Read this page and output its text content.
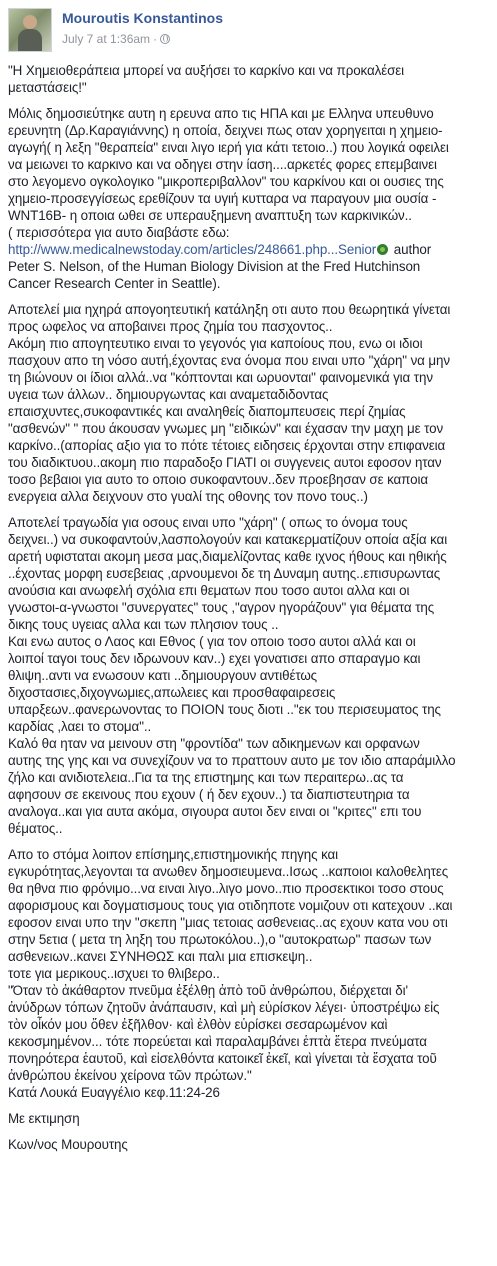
Mouroutis Konstantinos
July 7 at 1:36am ·

"Η Χημειοθεράπεια μπορεί να αυξήσει το καρκίνο και να προκαλέσει
μεταστάσεις!"

Μόλις δημοσιεύτηκε αυτη η ερευνα απο τις ΗΠΑ και με Ελληνα υπευθυνο
ερευνητη (Δρ.Καραγιάννης) η οποία, δειχνει πως οταν χορηγειται η χημειο-
αγωγή( η λεξη "θεραπεία" ειναι λιγο ιερή για κάτι τετοιο..) που λογικά οφειλει
να μειωνει το καρκινο και να οδηγει στην ίαση....αρκετές φορες επεμβαινει
στο λεγομενο ογκολογικο "μικροπεριβαλλον" του καρκίνου και οι ουσιες της
χημειο-προσεγγίσεως ερεθίζουν τα υγιή κυτταρα να παραγουν μια ουσία -
WNT16B- η οποια ωθει σε υπεραυξημενη αναπτυξη των καρκινικών..
( περισσότερα για αυτο διαβάστε εδω:
http://www.medicalnewstoday.com/articles/248661.php...Senior author
Peter S. Nelson, of the Human Biology Division at the Fred Hutchinson
Cancer Research Center in Seattle).

Αποτελεί μια ηχηρά απογοητευτική κατάληξη οτι αυτο που θεωρητικά γίνεται
προς ωφελος να αποβαινει προς ζημία του πασχοντος..
Ακόμη πιο απογητευτικο ειναι το γεγονός για καποίους που, ενω οι ιδιοι
πασχουν απο τη νόσο αυτή,έχοντας ενα όνομα που ειναι υπο "χάρη" να μην
τη βιώνουν οι ίδιοι αλλά..να "κόπτονται και ωρυονται" φαινομενικά για την
υγεια των άλλων.. δημιουργωντας και αναμεταδιδοντας
επαισχυντες,συκοφαντικές και αναληθείς διαπομπευσεις περί ζημίας
"ασθενών" " που άκουσαν γνωμες μη "ειδικών" και έχασαν την μαχη με τον
καρκίνο..(απορίας αξιο για το πότε τέτοιες ειδησεις έρχονται στην επιφανεια
του διαδικτυου..ακομη πιο παραδοξο ΓΙΑΤΙ οι συγγενεις αυτοι εφοσον ηταν
τοσο βεβαιοι για αυτο το οποιο συκοφαντουν..δεν προεβησαν σε καποια
ενεργεια αλλα δειχνουν στο γυαλί της οθονης τον πονο τους..)

Αποτελεί τραγωδία για οσους ειναι υπο "χάρη" ( οπως το όνομα τους
δειχνει..) να συκοφαντούν,λασπολογούν και κατακερματίζουν οποία αξία και
αρετή υφισταται ακομη μεσα μας,διαμελίζοντας καθε ιχνος ήθους και ηθικής
..έχοντας μορφη ευσεβειας ,αρνουμενοι δε τη Δυναμη αυτης..επισυρωντας
ανούσια και ανωφελή σχόλια επι θεματων που τοσο αυτοι αλλα και οι
γνωστοι-α-γνωστοι "συνεργατες" τους ,"αγρον ηγοράζουν" για θέματα της
δικης τους υγειας αλλα και των πλησιον τους ..
Και ενω αυτος ο Λαος και Εθνος ( για τον οποιο τοσο αυτοι αλλά και οι
λοιποί ταγοι τους δεν ιδρωνουν καν..) εχει γονατισει απο σπαραγμο και
θλιψη..αντι να ενωσουν κατι ..δημιουργουν αντιθέτως
διχοστασιες,διχογνωμιες,απωλειες και προσθαφαιρεσεις
υπαρξεων..φανερωνοντας το ΠΟΙΟΝ τους διοτι .."εκ του περισευματος της
καρδίας ,λαει το στομα"..
Καλό θα ηταν να μεινουν στη "φροντίδα" των αδικημενων και ορφανων
αυτης της γης και να συνεχίζουν να το πραττουν αυτο με τον ιδιο απαράμιλλο
ζήλο και ανιδιοτελεια..Για τα της επιστημης και των περαιτερω..ας τα
αφησουν σε εκεινους που εχουν ( ή δεν εχουν..) τα διαπιστευτηρια τα
αναλογα..και για αυτα ακόμα, σιγουρα αυτοι δεν ειναι οι "κριτες" επι του
θέματος..

Απο το στόμα λοιπον επίσημης,επιστημονικής πηγης και
εγκυρότητας,λεγονται τα ανωθεν δημοσιευμενα..Ισως ..καποιοι καλοθελητες
θα ηθνα πιο φρόνιμο...να ειναι λιγο..λιγο μονο..πιο προσεκτικοι τοσο στους
αφορισμους και δογματισμους τους για οτιδηποτε νομιζουν οτι κατεχουν ..και
εφοσον ειναι υπο την "σκεπη "μιας τετοιας ασθενειας..ας εχουν κατα νου οτι
στην 5ετια ( μετα τη ληξη του πρωτοκόλου..),ο "αυτοκρατωρ" πασων των
ασθενειων..κανει ΣΥΝΗΘΩΣ και παλι μια επισκεψη..
τοτε για μερικους..ισχυει το θλιβερο..
"Όταν τὸ ἀκάθαρτον πνεῦμα ἐξέλθῃ ἀπὸ τοῦ ἀνθρώπου, διέρχεται δι'
ἀνύδρων τόπων ζητοῦν ἀνάπαυσιν, καὶ μὴ εὑρίσκον λέγει· ὑποστρέψω εἰς
τὸν οἶκόν μου ὅθεν ἐξῆλθον· καὶ ἐλθὸν εὑρίσκει σεσαρωμένον καὶ
κεκοσμημένον... τότε πορεύεται καὶ παραλαμβάνει ἑπτὰ ἕτερα πνεύματα
πονηρότερα ἑαυτοῦ, καὶ εἰσελθόντα κατοικεῖ ἐκεῖ, καὶ γίνεται τὰ ἔσχατα τοῦ
ἀνθρώπου ἐκείνου χείρονα τῶν πρώτων."
Κατά Λουκά Ευαγγέλιο κεφ.11:24-26

Με εκτιμηση

Κων/νος Μουρουτης
